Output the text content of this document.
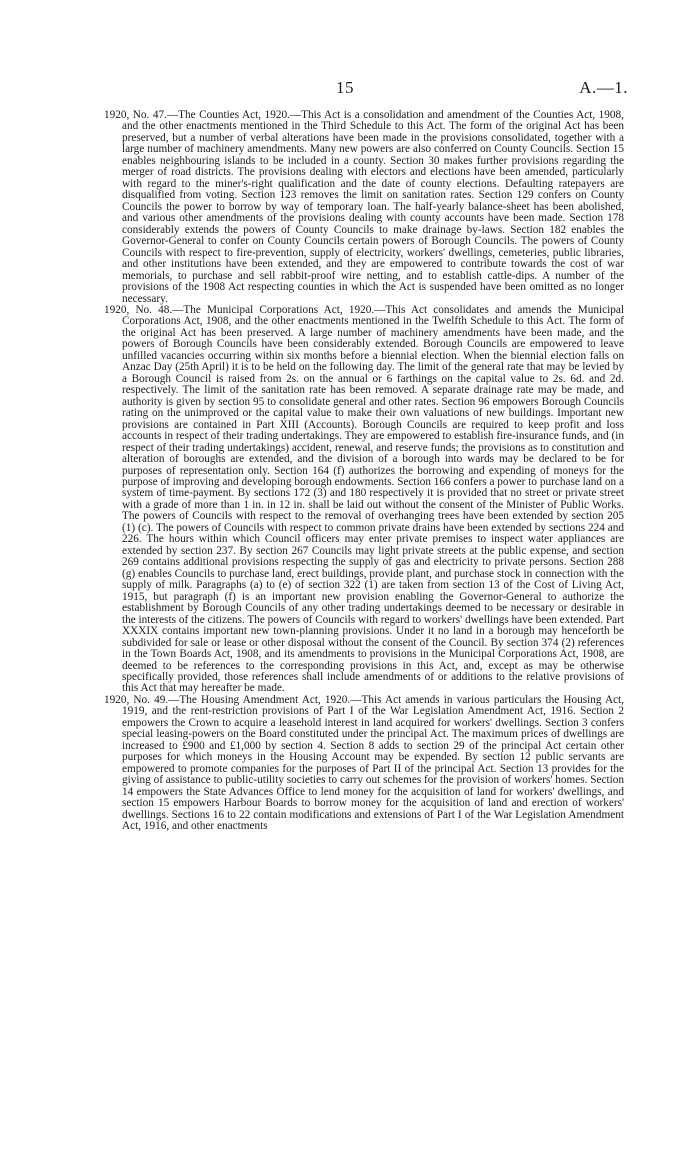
15	A.—1.

1920, No. 47.—The Counties Act, 1920.—This Act is a consolidation and amendment of the Counties Act, 1908, and the other enactments mentioned in the Third Schedule to this Act. The form of the original Act has been preserved, but a number of verbal alterations have been made in the provisions consolidated, together with a large number of machinery amendments. Many new powers are also conferred on County Councils. Section 15 enables neighbouring islands to be included in a county. Section 30 makes further provisions regarding the merger of road districts. The provisions dealing with electors and elections have been amended, particularly with regard to the miner's-right qualification and the date of county elections. Defaulting ratepayers are disqualified from voting. Section 123 removes the limit on sanitation rates. Section 129 confers on County Councils the power to borrow by way of temporary loan. The half-yearly balance-sheet has been abolished, and various other amendments of the provisions dealing with county accounts have been made. Section 178 considerably extends the powers of County Councils to make drainage by-laws. Section 182 enables the Governor-General to confer on County Councils certain powers of Borough Councils. The powers of County Councils with respect to fire-prevention, supply of electricity, workers' dwellings, cemeteries, public libraries, and other institutions have been extended, and they are empowered to contribute towards the cost of war memorials, to purchase and sell rabbit-proof wire netting, and to establish cattle-dips. A number of the provisions of the 1908 Act respecting counties in which the Act is suspended have been omitted as no longer necessary.

1920, No. 48.—The Municipal Corporations Act, 1920.—This Act consolidates and amends the Municipal Corporations Act, 1908, and the other enactments mentioned in the Twelfth Schedule to this Act. The form of the original Act has been preserved. A large number of machinery amendments have been made, and the powers of Borough Councils have been considerably extended. Borough Councils are empowered to leave unfilled vacancies occurring within six months before a biennial election. When the biennial election falls on Anzac Day (25th April) it is to be held on the following day. The limit of the general rate that may be levied by a Borough Council is raised from 2s. on the annual or 6 farthings on the capital value to 2s. 6d. and 2d. respectively. The limit of the sanitation rate has been removed. A separate drainage rate may be made, and authority is given by section 95 to consolidate general and other rates. Section 96 empowers Borough Councils rating on the unimproved or the capital value to make their own valuations of new buildings. Important new provisions are contained in Part XIII (Accounts). Borough Councils are required to keep profit and loss accounts in respect of their trading undertakings. They are empowered to establish fire-insurance funds, and (in respect of their trading undertakings) accident, renewal, and reserve funds; the provisions as to constitution and alteration of boroughs are extended, and the division of a borough into wards may be declared to be for purposes of representation only. Section 164 (f) authorizes the borrowing and expending of moneys for the purpose of improving and developing borough endowments. Section 166 confers a power to purchase land on a system of time-payment. By sections 172 (3) and 180 respectively it is provided that no street or private street with a grade of more than 1 in. in 12 in. shall be laid out without the consent of the Minister of Public Works. The powers of Councils with respect to the removal of overhanging trees have been extended by section 205 (1) (c). The powers of Councils with respect to common private drains have been extended by sections 224 and 226. The hours within which Council officers may enter private premises to inspect water appliances are extended by section 237. By section 267 Councils may light private streets at the public expense, and section 269 contains additional provisions respecting the supply of gas and electricity to private persons. Section 288 (g) enables Councils to purchase land, erect buildings, provide plant, and purchase stock in connection with the supply of milk. Paragraphs (a) to (e) of section 322 (1) are taken from section 13 of the Cost of Living Act, 1915, but paragraph (f) is an important new provision enabling the Governor-General to authorize the establishment by Borough Councils of any other trading undertakings deemed to be necessary or desirable in the interests of the citizens. The powers of Councils with regard to workers' dwellings have been extended. Part XXXIX contains important new town-planning provisions. Under it no land in a borough may henceforth be subdivided for sale or lease or other disposal without the consent of the Council. By section 374 (2) references in the Town Boards Act, 1908, and its amendments to provisions in the Municipal Corporations Act, 1908, are deemed to be references to the corresponding provisions in this Act, and, except as may be otherwise specifically provided, those references shall include amendments of or additions to the relative provisions of this Act that may hereafter be made.

1920, No. 49.—The Housing Amendment Act, 1920.—This Act amends in various particulars the Housing Act, 1919, and the rent-restriction provisions of Part I of the War Legislation Amendment Act, 1916. Section 2 empowers the Crown to acquire a leasehold interest in land acquired for workers' dwellings. Section 3 confers special leasing-powers on the Board constituted under the principal Act. The maximum prices of dwellings are increased to £900 and £1,000 by section 4. Section 8 adds to section 29 of the principal Act certain other purposes for which moneys in the Housing Account may be expended. By section 12 public servants are empowered to promote companies for the purposes of Part II of the principal Act. Section 13 provides for the giving of assistance to public-utility societies to carry out schemes for the provision of workers' homes. Section 14 empowers the State Advances Office to lend money for the acquisition of land for workers' dwellings, and section 15 empowers Harbour Boards to borrow money for the acquisition of land and erection of workers' dwellings. Sections 16 to 22 contain modifications and extensions of Part I of the War Legislation Amendment Act, 1916, and other enactments
